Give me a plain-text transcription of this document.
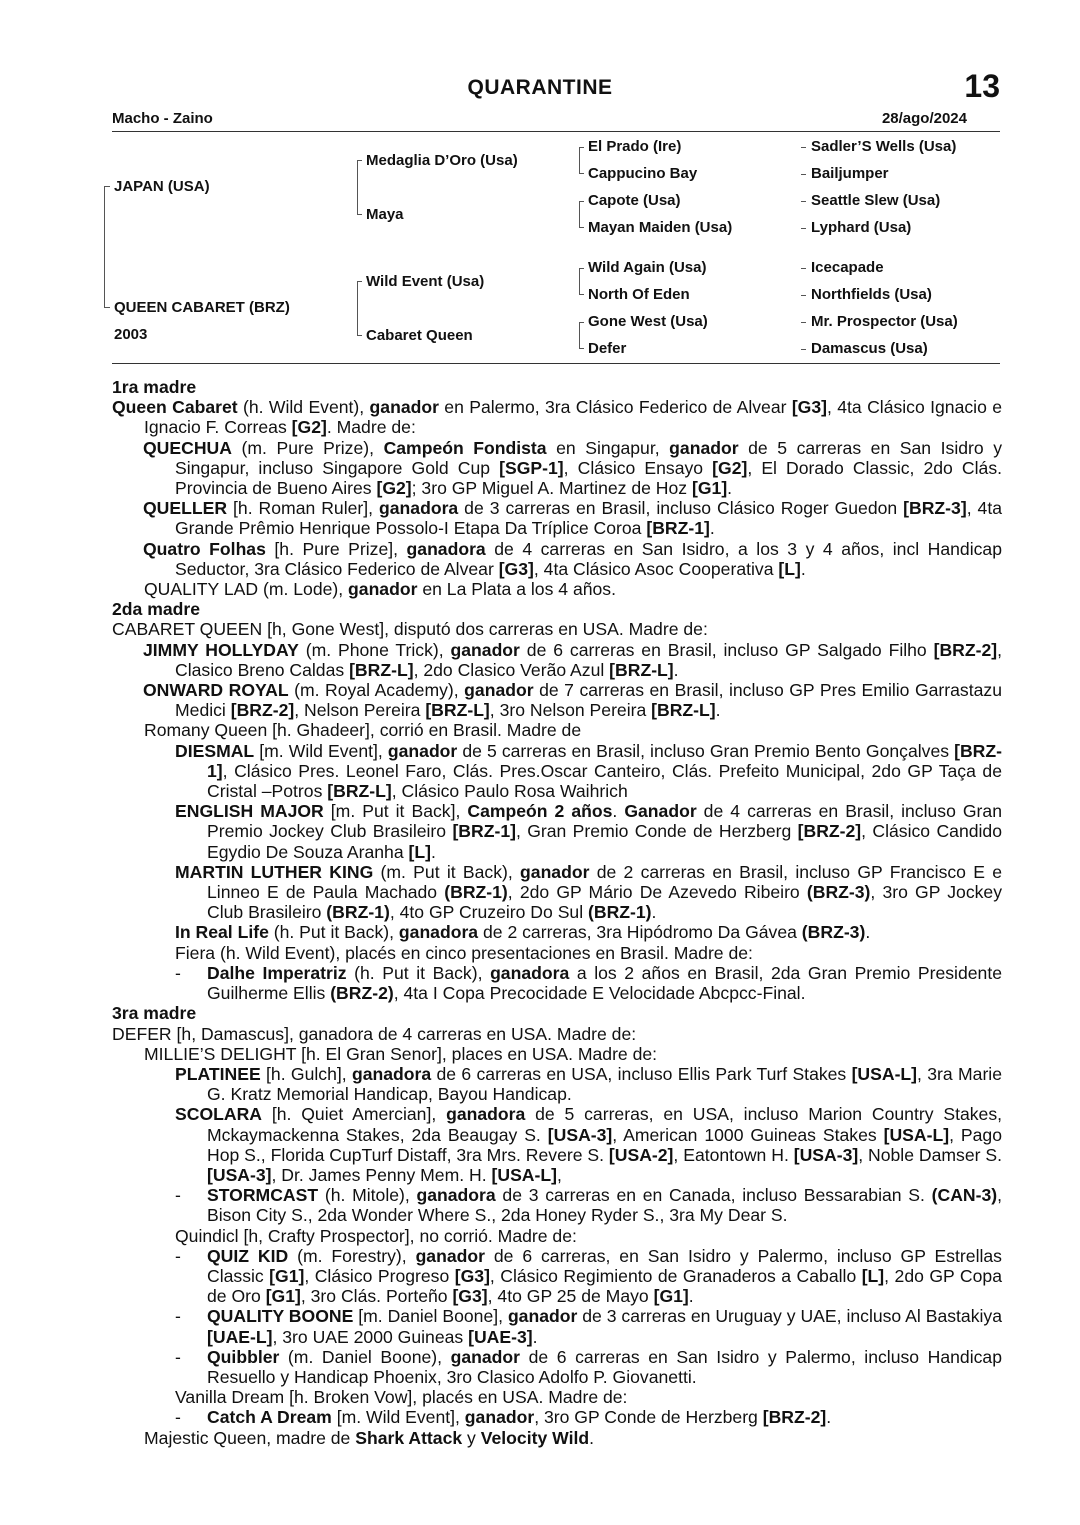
QUARANTINE	13
Macho - Zaino	28/ago/2024
JAPAN (USA)
QUEEN CABARET (BRZ)
2003
Medaglia D’Oro (Usa)
Maya
Wild Event (Usa)
Cabaret Queen
El Prado (Ire)
Cappucino Bay
Capote (Usa)
Mayan Maiden (Usa)
Wild Again (Usa)
North Of Eden
Gone West (Usa)
Defer
Sadler’S Wells (Usa)
Bailjumper
Seattle Slew (Usa)
Lyphard (Usa)
Icecapade
Northfields (Usa)
Mr. Prospector (Usa)
Damascus (Usa)

1ra madre

Queen Cabaret (h. Wild Event), ganador en Palermo, 3ra Clásico Federico de Alvear [G3], 4ta Clásico Ignacio e Ignacio F. Correas [G2]. Madre de:

QUECHUA (m. Pure Prize), Campeón Fondista en Singapur, ganador de 5 carreras en San Isidro y Singapur, incluso Singapore Gold Cup [SGP-1], Clásico Ensayo [G2], El Dorado Classic, 2do Clás. Provincia de Bueno Aires [G2]; 3ro GP Miguel A. Martinez de Hoz [G1].

QUELLER [h. Roman Ruler], ganadora de 3 carreras en Brasil, incluso Clásico Roger Guedon [BRZ-3], 4ta Grande Prêmio Henrique Possolo-I Etapa Da Tríplice Coroa [BRZ-1].

Quatro Folhas [h. Pure Prize], ganadora de 4 carreras en San Isidro, a los 3 y 4 años, incl Handicap Seductor, 3ra Clásico Federico de Alvear [G3], 4ta Clásico Asoc Cooperativa [L].

QUALITY LAD (m. Lode), ganador en La Plata a los 4 años.

2da madre

CABARET QUEEN [h, Gone West], disputó dos carreras en USA. Madre de:

JIMMY HOLLYDAY (m. Phone Trick), ganador de 6 carreras en Brasil, incluso GP Salgado Filho [BRZ-2], Clasico Breno Caldas [BRZ-L], 2do Clasico Verão Azul [BRZ-L].

ONWARD ROYAL (m. Royal Academy), ganador de 7 carreras en Brasil, incluso GP Pres Emilio Garrastazu Medici [BRZ-2], Nelson Pereira [BRZ-L], 3ro Nelson Pereira [BRZ-L].

Romany Queen [h. Ghadeer], corrió en Brasil. Madre de

DIESMAL [m. Wild Event], ganador de 5 carreras en Brasil, incluso Gran Premio Bento Gonçalves [BRZ-1], Clásico Pres. Leonel Faro, Clás. Pres.Oscar Canteiro, Clás. Prefeito Municipal, 2do GP Taça de Cristal –Potros [BRZ-L], Clásico Paulo Rosa Waihrich

ENGLISH MAJOR [m. Put it Back], Campeón 2 años. Ganador de 4 carreras en Brasil, incluso Gran Premio Jockey Club Brasileiro [BRZ-1], Gran Premio Conde de Herzberg [BRZ-2], Clásico Candido Egydio De Souza Aranha [L].

MARTIN LUTHER KING (m. Put it Back), ganador de 2 carreras en Brasil, incluso GP Francisco E e Linneo E de Paula Machado (BRZ-1), 2do GP Mário De Azevedo Ribeiro (BRZ-3), 3ro GP Jockey Club Brasileiro (BRZ-1), 4to GP Cruzeiro Do Sul (BRZ-1).

In Real Life (h. Put it Back), ganadora de 2 carreras, 3ra Hipódromo Da Gávea (BRZ-3).

Fiera (h. Wild Event), placés en cinco presentaciones en Brasil. Madre de:

- Dalhe Imperatriz (h. Put it Back), ganadora a los 2 años en Brasil, 2da Gran Premio Presidente Guilherme Ellis (BRZ-2), 4ta I Copa Precocidade E Velocidade Abcpcc-Final.

3ra madre

DEFER [h, Damascus], ganadora de 4 carreras en USA. Madre de:

MILLIE’S DELIGHT [h. El Gran Senor], places en USA. Madre de:

PLATINEE [h. Gulch], ganadora de 6 carreras en USA, incluso Ellis Park Turf Stakes [USA-L], 3ra Marie G. Kratz Memorial Handicap, Bayou Handicap.

SCOLARA [h. Quiet Amercian], ganadora de 5 carreras, en USA, incluso Marion Country Stakes, Mckaymackenna Stakes, 2da Beaugay S. [USA-3], American 1000 Guineas Stakes [USA-L], Pago Hop S., Florida CupTurf Distaff, 3ra Mrs. Revere S. [USA-2], Eatontown H. [USA-3], Noble Damser S. [USA-3], Dr. James Penny Mem. H. [USA-L],

- STORMCAST (h. Mitole), ganadora de 3 carreras en en Canada, incluso Bessarabian S. (CAN-3), Bison City S., 2da Wonder Where S., 2da Honey Ryder S., 3ra My Dear S.

Quindicl [h, Crafty Prospector], no corrió. Madre de:

- QUIZ KID (m. Forestry), ganador de 6 carreras, en San Isidro y Palermo, incluso GP Estrellas Classic [G1], Clásico Progreso [G3], Clásico Regimiento de Granaderos a Caballo [L], 2do GP Copa de Oro [G1], 3ro Clás. Porteño [G3], 4to GP 25 de Mayo [G1].

- QUALITY BOONE [m. Daniel Boone], ganador de 3 carreras en Uruguay y UAE, incluso Al Bastakiya [UAE-L], 3ro UAE 2000 Guineas [UAE-3].

- Quibbler (m. Daniel Boone), ganador de 6 carreras en San Isidro y Palermo, incluso Handicap Resuello y Handicap Phoenix, 3ro Clasico Adolfo P. Giovanetti.

Vanilla Dream [h. Broken Vow], placés en USA. Madre de:

- Catch A Dream [m. Wild Event], ganador, 3ro GP Conde de Herzberg [BRZ-2].

Majestic Queen, madre de Shark Attack y Velocity Wild.
